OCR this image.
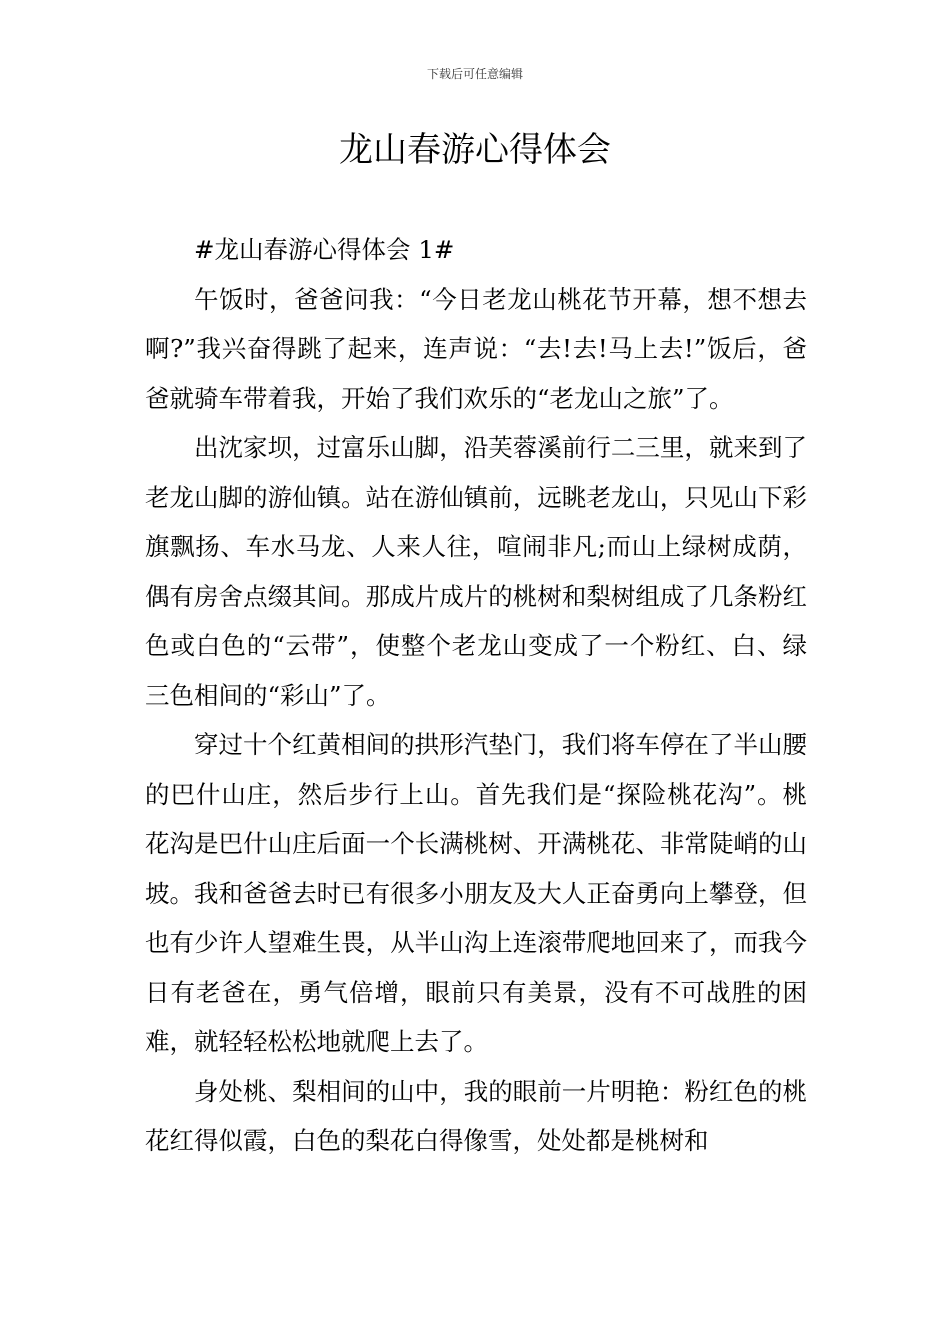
下载后可任意编辑
龙山春游心得体会

#龙山春游心得体会 1#

午饭时，爸爸问我：“今日老龙山桃花节开幕，想不想去啊?”我兴奋得跳了起来，连声说：“去!去!马上去!”饭后，爸爸就骑车带着我，开始了我们欢乐的“老龙山之旅”了。

出沈家坝，过富乐山脚，沿芙蓉溪前行二三里，就来到了老龙山脚的游仙镇。站在游仙镇前，远眺老龙山，只见山下彩旗飘扬、车水马龙、人来人往，喧闹非凡;而山上绿树成荫，偶有房舍点缀其间。那成片成片的桃树和梨树组成了几条粉红色或白色的“云带”，使整个老龙山变成了一个粉红、白、绿三色相间的“彩山”了。

穿过十个红黄相间的拱形汽垫门，我们将车停在了半山腰的巴什山庄，然后步行上山。首先我们是“探险桃花沟”。桃花沟是巴什山庄后面一个长满桃树、开满桃花、非常陡峭的山坡。我和爸爸去时已有很多小朋友及大人正奋勇向上攀登，但也有少许人望难生畏，从半山沟上连滚带爬地回来了，而我今日有老爸在，勇气倍增，眼前只有美景，没有不可战胜的困难，就轻轻松松地就爬上去了。

身处桃、梨相间的山中，我的眼前一片明艳：粉红色的桃花红得似霞，白色的梨花白得像雪，处处都是桃树和
